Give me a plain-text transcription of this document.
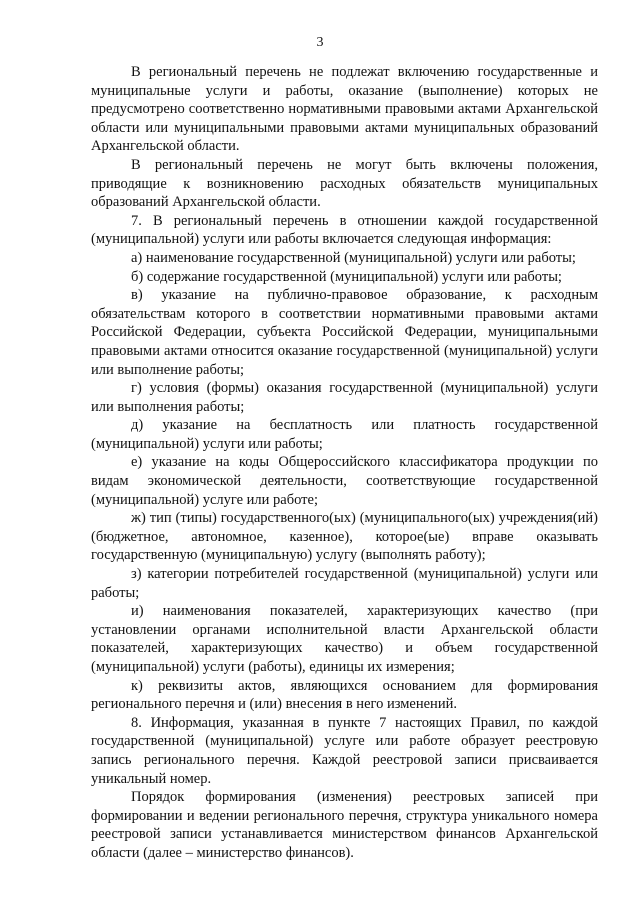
3

В региональный перечень не подлежат включению государственные и муниципальные услуги и работы, оказание (выполнение) которых не предусмотрено соответственно нормативными правовыми актами Архангельской области или муниципальными правовыми актами муниципальных образований Архангельской области.

В региональный перечень не могут быть включены положения, приводящие к возникновению расходных обязательств муниципальных образований Архангельской области.

7. В региональный перечень в отношении каждой государственной (муниципальной) услуги или работы включается следующая информация:

а) наименование государственной (муниципальной) услуги или работы;

б) содержание государственной (муниципальной) услуги или работы;

в) указание на публично-правовое образование, к расходным обязательствам которого в соответствии нормативными правовыми актами Российской Федерации, субъекта Российской Федерации, муниципальными правовыми актами относится оказание государственной (муниципальной) услуги или выполнение работы;

г) условия (формы) оказания государственной (муниципальной) услуги или выполнения работы;

д) указание на бесплатность или платность государственной (муниципальной) услуги или работы;

е) указание на коды Общероссийского классификатора продукции по видам экономической деятельности, соответствующие государственной (муниципальной) услуге или работе;

ж) тип (типы) государственного(ых) (муниципального(ых) учреждения(ий) (бюджетное, автономное, казенное), которое(ые) вправе оказывать государственную (муниципальную) услугу (выполнять работу);

з) категории потребителей государственной (муниципальной) услуги или работы;

и) наименования показателей, характеризующих качество (при установлении органами исполнительной власти Архангельской области показателей, характеризующих качество) и объем государственной (муниципальной) услуги (работы), единицы их измерения;

к) реквизиты актов, являющихся основанием для формирования регионального перечня и (или) внесения в него изменений.

8. Информация, указанная в пункте 7 настоящих Правил, по каждой государственной (муниципальной) услуге или работе образует реестровую запись регионального перечня. Каждой реестровой записи присваивается уникальный номер.

Порядок формирования (изменения) реестровых записей при формировании и ведении регионального перечня, структура уникального номера реестровой записи устанавливается министерством финансов Архангельской области (далее – министерство финансов).
